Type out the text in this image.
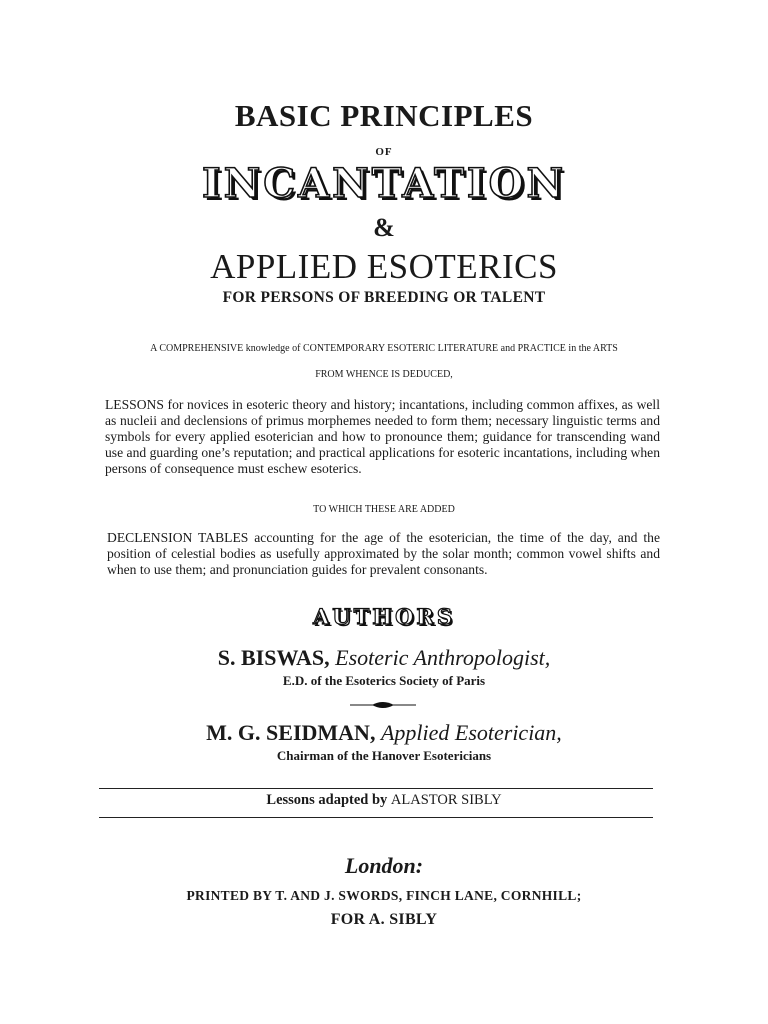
BASIC PRINCIPLES
OF
INCANTATION
&
APPLIED ESOTERICS
FOR PERSONS OF BREEDING OR TALENT
A COMPREHENSIVE knowledge of CONTEMPORARY ESOTERIC LITERATURE and PRACTICE in the ARTS
FROM WHENCE IS DEDUCED,
LESSONS for novices in esoteric theory and history; incantations, including common affixes, as well as nucleii and declensions of primus morphemes needed to form them; necessary linguistic terms and symbols for every applied esoterician and how to pronounce them; guidance for transcending wand use and guarding one’s reputation; and practical applications for esoteric incantations, including when persons of consequence must eschew esoterics.
TO WHICH THESE ARE ADDED
DECLENSION TABLES accounting for the age of the esoterician, the time of the day, and the position of celestial bodies as usefully approximated by the solar month; common vowel shifts and when to use them; and pronunciation guides for prevalent consonants.
AUTHORS
S. BISWAS, Esoteric Anthropologist,
E.D. of the Esoterics Society of Paris
M. G. SEIDMAN, Applied Esoterician,
Chairman of the Hanover Esotericians
Lessons adapted by ALASTOR SIBLY
London:
PRINTED BY T. AND J. SWORDS, FINCH LANE, CORNHILL;
FOR A. SIBLY
